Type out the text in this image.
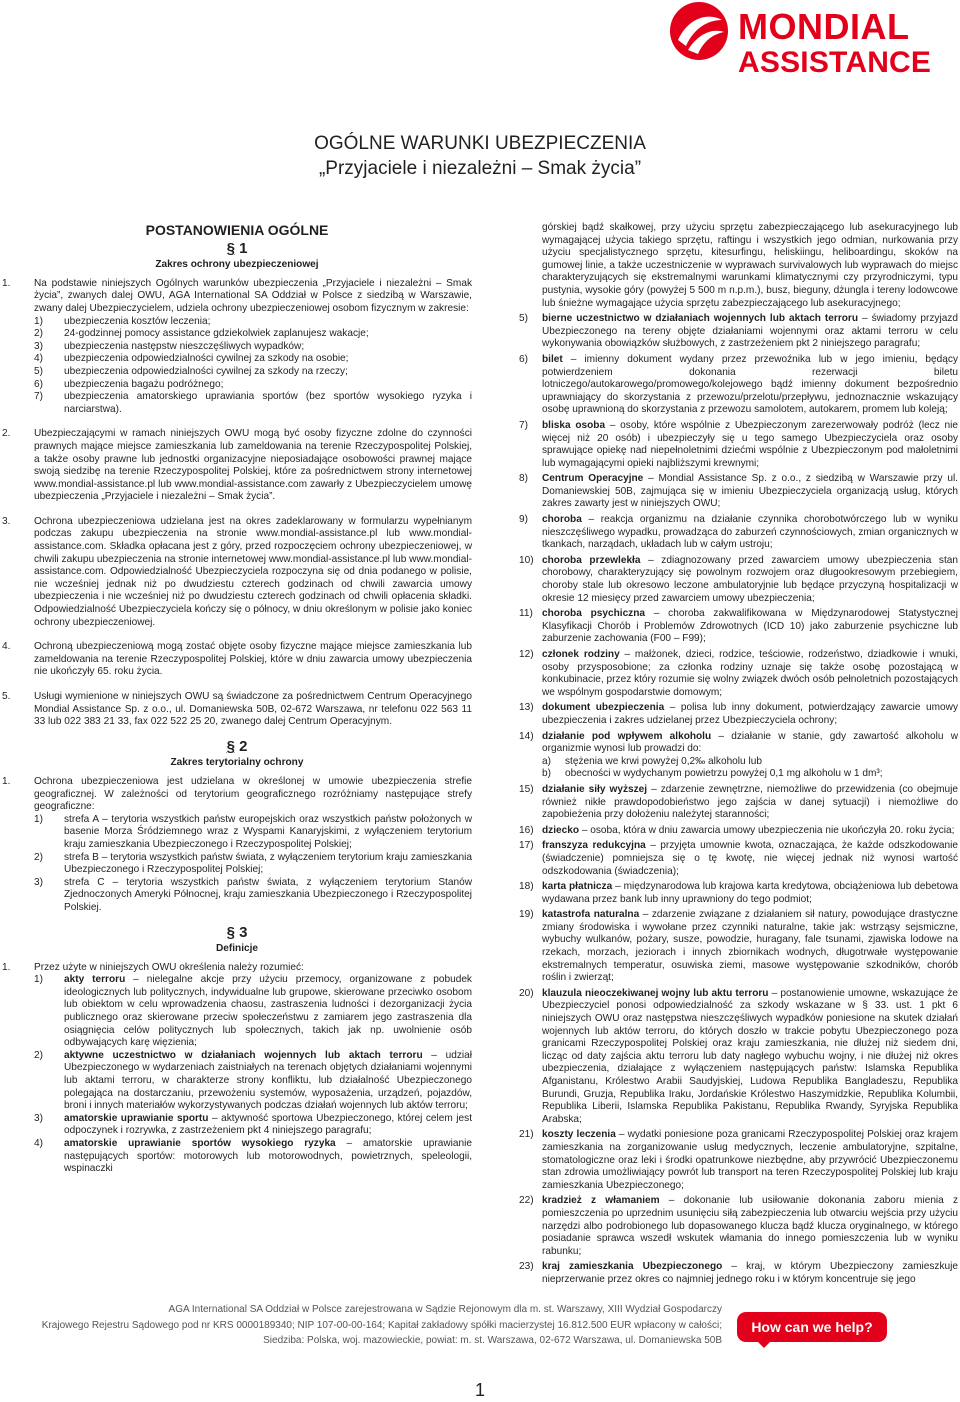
MONDIAL
ASSISTANCE
OGÓLNE WARUNKI UBEZPIECZENIA
„Przyjaciele i niezależni – Smak życia”
POSTANOWIENIA OGÓLNE
§ 1
Zakres ochrony ubezpieczeniowej
1.	Na podstawie niniejszych Ogólnych warunków ubezpieczenia „Przyjaciele i niezależni – Smak życia”, zwanych dalej OWU, AGA International SA Oddział w Polsce z siedzibą w Warszawie, zwany dalej Ubezpieczycielem, udziela ochrony ubezpieczeniowej osobom fizycznym w zakresie:
1)	ubezpieczenia kosztów leczenia;
2)	24-godzinnej pomocy assistance gdziekolwiek zaplanujesz wakacje;
3)	ubezpieczenia następstw nieszczęśliwych wypadków;
4)	ubezpieczenia odpowiedzialności cywilnej za szkody na osobie;
5)	ubezpieczenia odpowiedzialności cywilnej za szkody na rzeczy;
6)	ubezpieczenia bagażu podróżnego;
7)	ubezpieczenia amatorskiego uprawiania sportów (bez sportów wysokiego ryzyka i narciarstwa).
2.	Ubezpieczającymi w ramach niniejszych OWU mogą być osoby fizyczne zdolne do czynności prawnych mające miejsce zamieszkania lub zameldowania na terenie Rzeczypospolitej Polskiej, a także osoby prawne lub jednostki organizacyjne nieposiadające osobowości prawnej mające swoją siedzibę na terenie Rzeczypospolitej Polskiej, które za pośrednictwem strony internetowej www.mondial-assistance.pl lub www.mondial-assistance.com zawarły z Ubezpieczycielem umowę ubezpieczenia „Przyjaciele i niezależni – Smak życia”.
3.	Ochrona ubezpieczeniowa udzielana jest na okres zadeklarowany w formularzu wypełnianym podczas zakupu ubezpieczenia na stronie www.mondial-assistance.pl lub www.mondial-assistance.com. Składka opłacana jest z góry, przed rozpoczęciem ochrony ubezpieczeniowej, w chwili zakupu ubezpieczenia na stronie internetowej www.mondial-assistance.pl lub www.mondial-assistance.com. Odpowiedzialność Ubezpieczyciela rozpoczyna się od dnia podanego w polisie, nie wcześniej jednak niż po dwudziestu czterech godzinach od chwili zawarcia umowy ubezpieczenia i nie wcześniej niż po dwudziestu czterech godzinach od chwili opłacenia składki. Odpowiedzialność Ubezpieczyciela kończy się o północy, w dniu określonym w polisie jako koniec ochrony ubezpieczeniowej.
4.	Ochroną ubezpieczeniową mogą zostać objęte osoby fizyczne mające miejsce zamieszkania lub zameldowania na terenie Rzeczypospolitej Polskiej, które w dniu zawarcia umowy ubezpieczenia nie ukończyły 65. roku życia.
5.	Usługi wymienione w niniejszych OWU są świadczone za pośrednictwem Centrum Operacyjnego Mondial Assistance Sp. z o.o., ul. Domaniewska 50B, 02-672 Warszawa, nr telefonu 022 563 11 33 lub 022 383 21 33, fax 022 522 25 20, zwanego dalej Centrum Operacyjnym.
§ 2
Zakres terytorialny ochrony
1.	Ochrona ubezpieczeniowa jest udzielana w określonej w umowie ubezpieczenia strefie geograficznej. W zależności od terytorium geograficznego rozróżniamy następujące strefy geograficzne:
1)	strefa A – terytoria wszystkich państw europejskich oraz wszystkich państw położonych w basenie Morza Śródziemnego wraz z Wyspami Kanaryjskimi, z wyłączeniem terytorium kraju zamieszkania Ubezpieczonego i Rzeczypospolitej Polskiej;
2)	strefa B – terytoria wszystkich państw świata, z wyłączeniem terytorium kraju zamieszkania Ubezpieczonego i Rzeczypospolitej Polskiej;
3)	strefa C – terytoria wszystkich państw świata, z wyłączeniem terytorium Stanów Zjednoczonych Ameryki Północnej, kraju zamieszkania Ubezpieczonego i Rzeczypospolitej Polskiej.
§ 3
Definicje
1.	Przez użyte w niniejszych OWU określenia należy rozumieć:
1)	akty terroru – nielegalne akcje przy użyciu przemocy, organizowane z pobudek ideologicznych lub politycznych, indywidualne lub grupowe, skierowane przeciwko osobom lub obiektom w celu wprowadzenia chaosu, zastraszenia ludności i dezorganizacji życia publicznego oraz skierowane przeciw społeczeństwu z zamiarem jego zastraszenia dla osiągnięcia celów politycznych lub społecznych, takich jak np. uwolnienie osób odbywających karę więzienia;
2)	aktywne uczestnictwo w działaniach wojennych lub aktach terroru – udział Ubezpieczonego w wydarzeniach zaistniałych na terenach objętych działaniami wojennymi lub aktami terroru, w charakterze strony konfliktu, lub działalność Ubezpieczonego polegająca na dostarczaniu, przewożeniu systemów, wyposażenia, urządzeń, pojazdów, broni i innych materiałów wykorzystywanych podczas działań wojennych lub aktów terroru;
3)	amatorskie uprawianie sportu – aktywność sportowa Ubezpieczonego, której celem jest odpoczynek i rozrywka, z zastrzeżeniem pkt 4 niniejszego paragrafu;
4)	amatorskie uprawianie sportów wysokiego ryzyka – amatorskie uprawianie następujących sportów: motorowych lub motorowodnych, powietrznych, speleologii, wspinaczki
górskiej bądź skałkowej, przy użyciu sprzętu zabezpieczającego lub asekuracyjnego lub wymagającej użycia takiego sprzętu, raftingu i wszystkich jego odmian, nurkowania przy użyciu specjalistycznego sprzętu, kitesurfingu, heliskiingu, heliboardingu, skoków na gumowej linie, a także uczestniczenie w wyprawach survivalowych lub wyprawach do miejsc charakteryzujących się ekstremalnymi warunkami klimatycznymi czy przyrodniczymi, typu pustynia, wysokie góry (powyżej 5 500 m n.p.m.), busz, bieguny, dżungla i tereny lodowcowe lub śnieżne wymagające użycia sprzętu zabezpieczającego lub asekuracyjnego;
5)	bierne uczestnictwo w działaniach wojennych lub aktach terroru – świadomy przyjazd Ubezpieczonego na tereny objęte działaniami wojennymi oraz aktami terroru w celu wykonywania obowiązków służbowych, z zastrzeżeniem pkt 2 niniejszego paragrafu;
6)	bilet – imienny dokument wydany przez przewoźnika lub w jego imieniu, będący potwierdzeniem dokonania rezerwacji biletu lotniczego/autokarowego/promowego/kolejowego bądź imienny dokument bezpośrednio uprawniający do skorzystania z przewozu/przelotu/przepływu, jednoznacznie wskazujący osobę uprawnioną do skorzystania z przewozu samolotem, autokarem, promem lub koleją;
7)	bliska osoba – osoby, które wspólnie z Ubezpieczonym zarezerwowały podróż (lecz nie więcej niż 20 osób) i ubezpieczyły się u tego samego Ubezpieczyciela oraz osoby sprawujące opiekę nad niepełnoletnimi dziećmi wspólnie z Ubezpieczonym pod małoletnimi lub wymagającymi opieki najbliższymi krewnymi;
8)	Centrum Operacyjne – Mondial Assistance Sp. z o.o., z siedzibą w Warszawie przy ul. Domaniewskiej 50B, zajmująca się w imieniu Ubezpieczyciela organizacją usług, których zakres zawarty jest w niniejszych OWU;
9)	choroba – reakcja organizmu na działanie czynnika chorobotwórczego lub w wyniku nieszczęśliwego wypadku, prowadząca do zaburzeń czynnościowych, zmian organicznych w tkankach, narządach, układach lub w całym ustroju;
10) choroba przewlekła – zdiagnozowany przed zawarciem umowy ubezpieczenia stan chorobowy, charakteryzujący się powolnym rozwojem oraz długookresowym przebiegiem, choroby stale lub okresowo leczone ambulatoryjnie lub będące przyczyną hospitalizacji w okresie 12 miesięcy przed zawarciem umowy ubezpieczenia;
11) choroba psychiczna – choroba zakwalifikowana w Międzynarodowej Statystycznej Klasyfikacji Chorób i Problemów Zdrowotnych (ICD 10) jako zaburzenie psychiczne lub zaburzenie zachowania (F00 – F99);
12) członek rodziny – małżonek, dzieci, rodzice, teściowie, rodzeństwo, dziadkowie i wnuki, osoby przysposobione; za członka rodziny uznaje się także osobę pozostającą w konkubinacie, przez który rozumie się wolny związek dwóch osób pełnoletnich pozostających we wspólnym gospodarstwie domowym;
13) dokument ubezpieczenia – polisa lub inny dokument, potwierdzający zawarcie umowy ubezpieczenia i zakres udzielanej przez Ubezpieczyciela ochrony;
14) działanie pod wpływem alkoholu – działanie w stanie, gdy zawartość alkoholu w organizmie wynosi lub prowadzi do:
a)	stężenia we krwi powyżej 0,2‰ alkoholu lub
b)	obecności w wydychanym powietrzu powyżej 0,1 mg alkoholu w 1 dm³;
15) działanie siły wyższej – zdarzenie zewnętrzne, niemożliwe do przewidzenia (co obejmuje również nikłe prawdopodobieństwo jego zajścia w danej sytuacji) i niemożliwe do zapobieżenia przy dołożeniu należytej staranności;
16) dziecko – osoba, która w dniu zawarcia umowy ubezpieczenia nie ukończyła 20. roku życia;
17) franszyza redukcyjna – przyjęta umownie kwota, oznaczająca, że każde odszkodowanie (świadczenie) pomniejsza się o tę kwotę, nie więcej jednak niż wynosi wartość odszkodowania (świadczenia);
18) karta płatnicza – międzynarodowa lub krajowa karta kredytowa, obciążeniowa lub debetowa wydawana przez bank lub inny uprawniony do tego podmiot;
19) katastrofa naturalna – zdarzenie związane z działaniem sił natury, powodujące drastyczne zmiany środowiska i wywołane przez czynniki naturalne, takie jak: wstrząsy sejsmiczne, wybuchy wulkanów, pożary, susze, powodzie, huragany, fale tsunami, zjawiska lodowe na rzekach, morzach, jeziorach i innych zbiornikach wodnych, długotrwałe występowanie ekstremalnych temperatur, osuwiska ziemi, masowe występowanie szkodników, chorób roślin i zwierząt;
20) klauzula nieoczekiwanej wojny lub aktu terroru – postanowienie umowne, wskazujące że Ubezpieczyciel ponosi odpowiedzialność za szkody wskazane w § 33. ust. 1 pkt 6 niniejszych OWU oraz następstwa nieszczęśliwych wypadków poniesione na skutek działań wojennych lub aktów terroru, do których doszło w trakcie pobytu Ubezpieczonego poza granicami Rzeczypospolitej Polskiej oraz kraju zamieszkania, nie dłużej niż siedem dni, licząc od daty zajścia aktu terroru lub daty nagłego wybuchu wojny, i nie dłużej niż okres ubezpieczenia, działające z wyłączeniem następujących państw: Islamska Republika Afganistanu, Królestwo Arabii Saudyjskiej, Ludowa Republika Bangladeszu, Republika Burundi, Gruzja, Republika Iraku, Jordańskie Królestwo Haszymidzkie, Republika Kolumbii, Republika Liberii, Islamska Republika Pakistanu, Republika Rwandy, Syryjska Republika Arabska;
21) koszty leczenia – wydatki poniesione poza granicami Rzeczypospolitej Polskiej oraz krajem zamieszkania na zorganizowanie usług medycznych, leczenie ambulatoryjne, szpitalne, stomatologiczne oraz leki i środki opatrunkowe niezbędne, aby przywrócić Ubezpieczonemu stan zdrowia umożliwiający powrót lub transport na teren Rzeczypospolitej Polskiej lub kraju zamieszkania Ubezpieczonego;
22) kradzież z włamaniem – dokonanie lub usiłowanie dokonania zaboru mienia z pomieszczenia po uprzednim usunięciu siłą zabezpieczenia lub otwarciu wejścia przy użyciu narzędzi albo podrobionego lub dopasowanego klucza bądź klucza oryginalnego, w którego posiadanie sprawca wszedł wskutek włamania do innego pomieszczenia lub w wyniku rabunku;
23) kraj zamieszkania Ubezpieczonego – kraj, w którym Ubezpieczony zamieszkuje nieprzerwanie przez okres co najmniej jednego roku i w którym koncentruje się jego
AGA International SA Oddział w Polsce zarejestrowana w Sądzie Rejonowym dla m. st. Warszawy, XIII Wydział Gospodarczy
Krajowego Rejestru Sądowego pod nr KRS 0000189340; NIP 107-00-00-164; Kapitał zakładowy spółki macierzystej 16.812.500 EUR wpłacony w całości;
Siedziba: Polska, woj. mazowieckie, powiat: m. st. Warszawa, 02-672 Warszawa, ul. Domaniewska 50B
How can we help?
1
